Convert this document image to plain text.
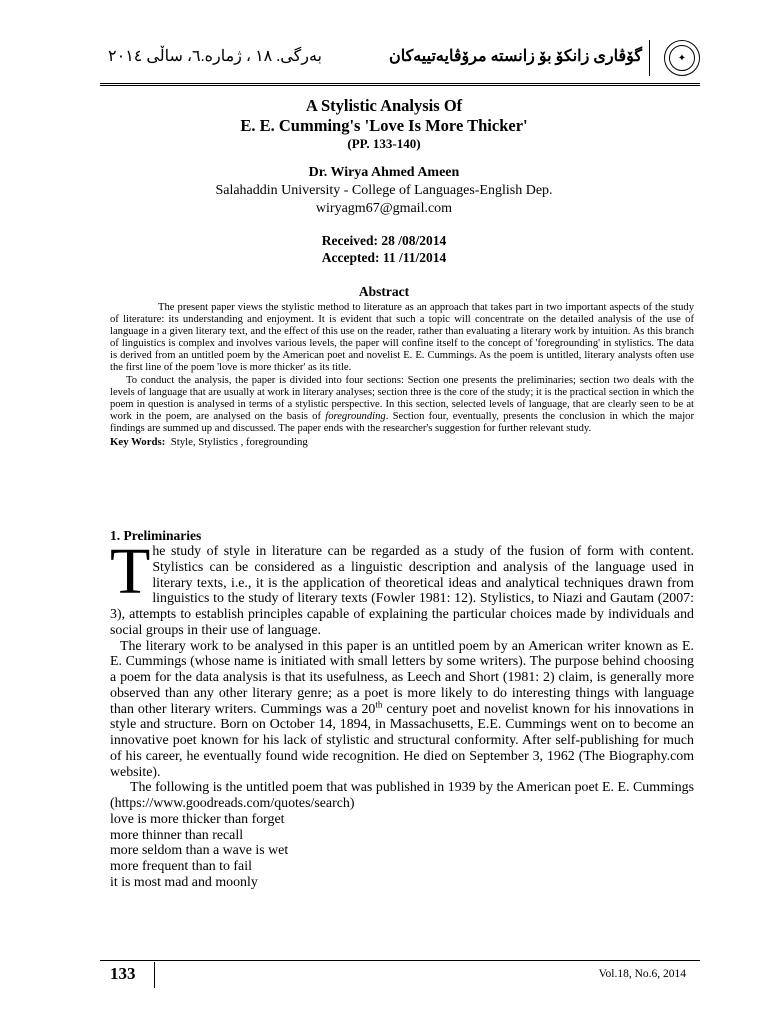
بەرگی. ١٨ ، ژمارە.٦، ساڵی ٢٠١٤	گۆڤاری زانكۆ بۆ زانستە مرۆڤایەتییەكان	✦
A Stylistic Analysis Of
E. E. Cumming's 'Love Is More Thicker'
(PP. 133-140)
Dr. Wirya Ahmed Ameen
Salahaddin University - College of Languages-English Dep.
wiryagm67@gmail.com
Received: 28 /08/2014
Accepted: 11 /11/2014
Abstract

The present paper views the stylistic method to literature as an approach that takes part in two important aspects of the study of literature: its understanding and enjoyment. It is evident that such a topic will concentrate on the detailed analysis of the use of language in a given literary text, and the effect of this use on the reader, rather than evaluating a literary work by intuition. As this branch of linguistics is complex and involves various levels, the paper will confine itself to the concept of 'foregrounding' in stylistics. The data is derived from an untitled poem by the American poet and novelist E. E. Cummings. As the poem is untitled, literary analysts often use the first line of the poem 'love is more thicker' as its title.

To conduct the analysis, the paper is divided into four sections: Section one presents the preliminaries; section two deals with the levels of language that are usually at work in literary analyses; section three is the core of the study; it is the practical section in which the poem in question is analysed in terms of a stylistic perspective. In this section, selected levels of language, that are clearly seen to be at work in the poem, are analysed on the basis of foregrounding. Section four, eventually, presents the conclusion in which the major findings are summed up and discussed. The paper ends with the researcher's suggestion for further relevant study.

Key Words: Style, Stylistics , foregrounding
1. Preliminaries

The study of style in literature can be regarded as a study of the fusion of form with content. Stylistics can be considered as a linguistic description and analysis of the language used in literary texts, i.e., it is the application of theoretical ideas and analytical techniques drawn from linguistics to the study of literary texts (Fowler 1981: 12). Stylistics, to Niazi and Gautam (2007: 3), attempts to establish principles capable of explaining the particular choices made by individuals and social groups in their use of language.

The literary work to be analysed in this paper is an untitled poem by an American writer known as E. E. Cummings (whose name is initiated with small letters by some writers). The purpose behind choosing a poem for the data analysis is that its usefulness, as Leech and Short (1981: 2) claim, is generally more observed than any other literary genre; as a poet is more likely to do interesting things with language than other literary writers. Cummings was a 20th century poet and novelist known for his innovations in style and structure. Born on October 14, 1894, in Massachusetts, E.E. Cummings went on to become an innovative poet known for his lack of stylistic and structural conformity. After self-publishing for much of his career, he eventually found wide recognition. He died on September 3, 1962 (The Biography.com website).

The following is the untitled poem that was published in 1939 by the American poet E. E. Cummings (https://www.goodreads.com/quotes/search)

love is more thicker than forget
more thinner than recall
more seldom than a wave is wet
more frequent than to fail
it is most mad and moonly
133	Vol.18, No.6, 2014
